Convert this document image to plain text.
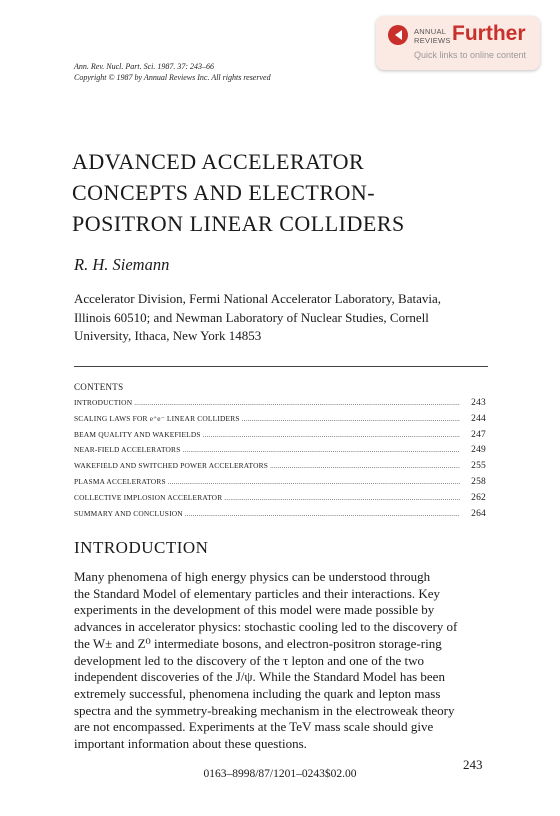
ANNUAL
REVIEWS Further
Quick links to online content
Ann. Rev. Nucl. Part. Sci. 1987. 37: 243–66
Copyright © 1987 by Annual Reviews Inc. All rights reserved
ADVANCED ACCELERATOR
CONCEPTS AND ELECTRON-
POSITRON LINEAR COLLIDERS
R. H. Siemann
Accelerator Division, Fermi National Accelerator Laboratory, Batavia,
Illinois 60510; and Newman Laboratory of Nuclear Studies, Cornell
University, Ithaca, New York 14853
CONTENTS
INTRODUCTION .....	243
SCALING LAWS FOR e⁺e⁻ LINEAR COLLIDERS .....	244
BEAM QUALITY AND WAKEFIELDS .....	247
NEAR-FIELD ACCELERATORS .....	249
WAKEFIELD AND SWITCHED POWER ACCELERATORS .....	255
PLASMA ACCELERATORS .....	258
COLLECTIVE IMPLOSION ACCELERATOR .....	262
SUMMARY AND CONCLUSION .....	264
INTRODUCTION
Many phenomena of high energy physics can be understood through
the Standard Model of elementary particles and their interactions. Key
experiments in the development of this model were made possible by
advances in accelerator physics: stochastic cooling led to the discovery of
the W± and Z⁰ intermediate bosons, and electron-positron storage-ring
development led to the discovery of the τ lepton and one of the two
independent discoveries of the J/ψ. While the Standard Model has been
extremely successful, phenomena including the quark and lepton mass
spectra and the symmetry-breaking mechanism in the electroweak theory
are not encompassed. Experiments at the TeV mass scale should give
important information about these questions.
243
0163–8998/87/1201–0243$02.00
